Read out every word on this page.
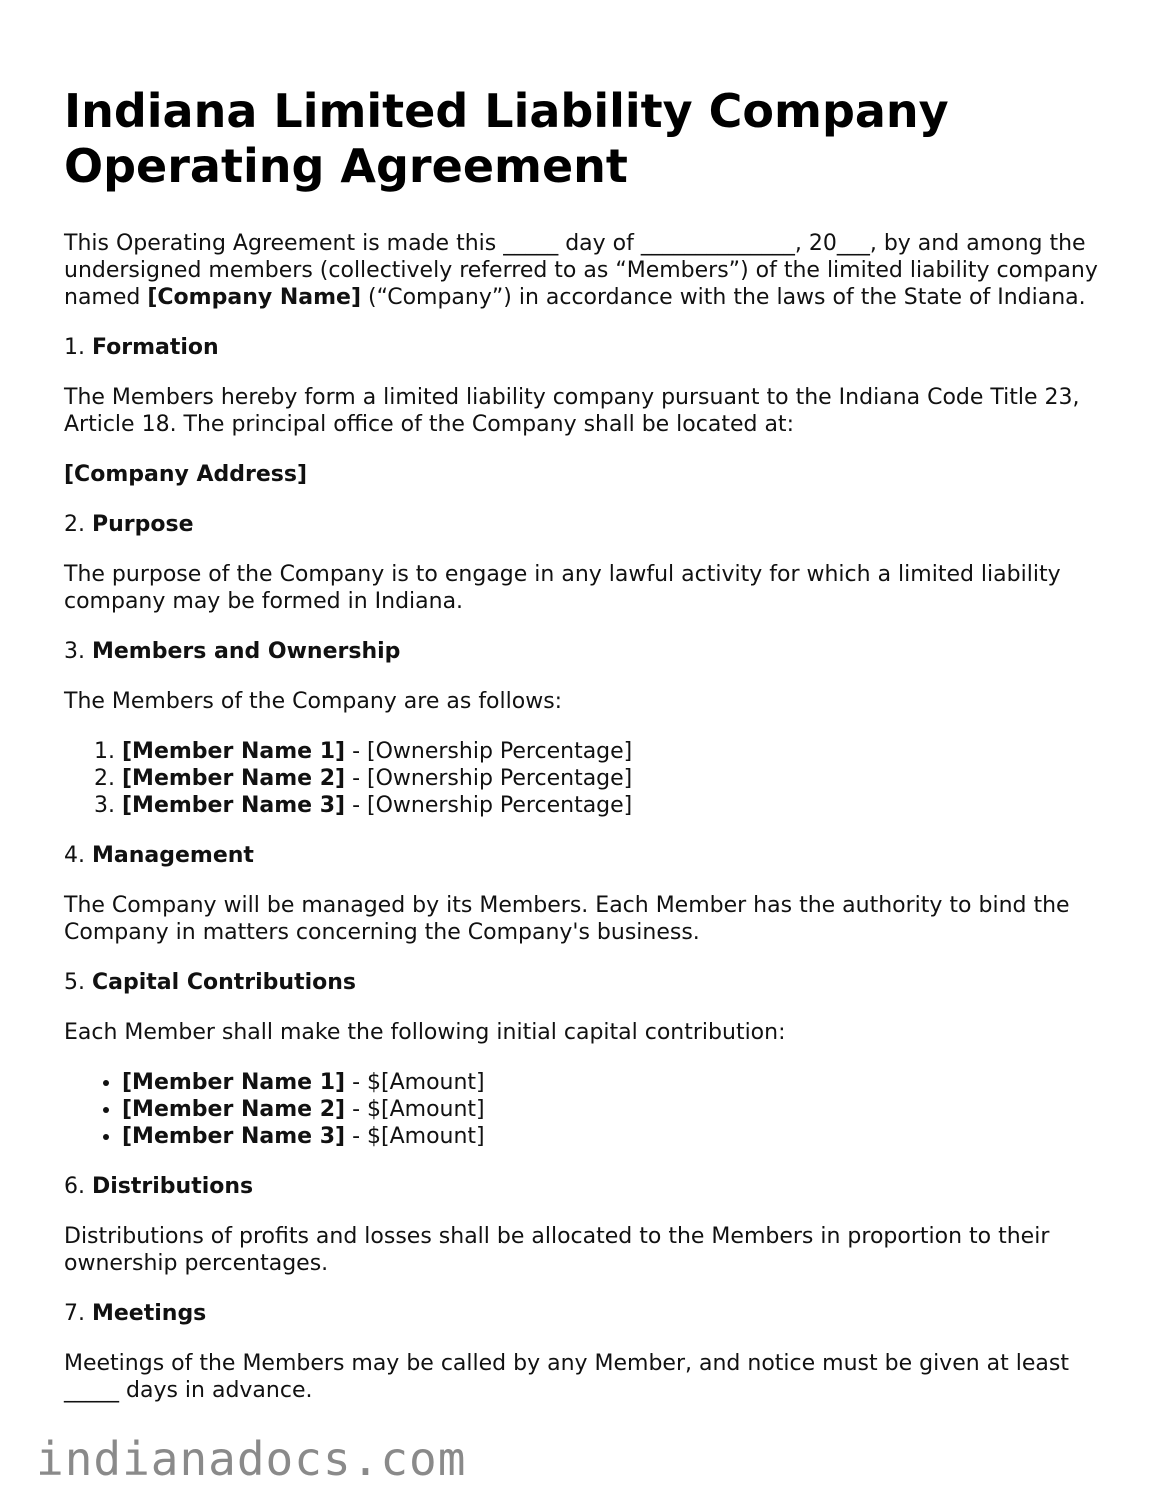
Indiana Limited Liability Company Operating Agreement

This Operating Agreement is made this _____ day of ______________, 20___, by and among the undersigned members (collectively referred to as “Members”) of the limited liability company named [Company Name] (“Company”) in accordance with the laws of the State of Indiana.

1. Formation

The Members hereby form a limited liability company pursuant to the Indiana Code Title 23, Article 18. The principal office of the Company shall be located at:

[Company Address]

2. Purpose

The purpose of the Company is to engage in any lawful activity for which a limited liability company may be formed in Indiana.

3. Members and Ownership

The Members of the Company are as follows:

1. [Member Name 1] - [Ownership Percentage]
2. [Member Name 2] - [Ownership Percentage]
3. [Member Name 3] - [Ownership Percentage]
4. Management

The Company will be managed by its Members. Each Member has the authority to bind the Company in matters concerning the Company's business.

5. Capital Contributions

Each Member shall make the following initial capital contribution:

• [Member Name 1] - $[Amount]
• [Member Name 2] - $[Amount]
• [Member Name 3] - $[Amount]
6. Distributions

Distributions of profits and losses shall be allocated to the Members in proportion to their ownership percentages.

7. Meetings

Meetings of the Members may be called by any Member, and notice must be given at least _____ days in advance.

indianadocs.com
